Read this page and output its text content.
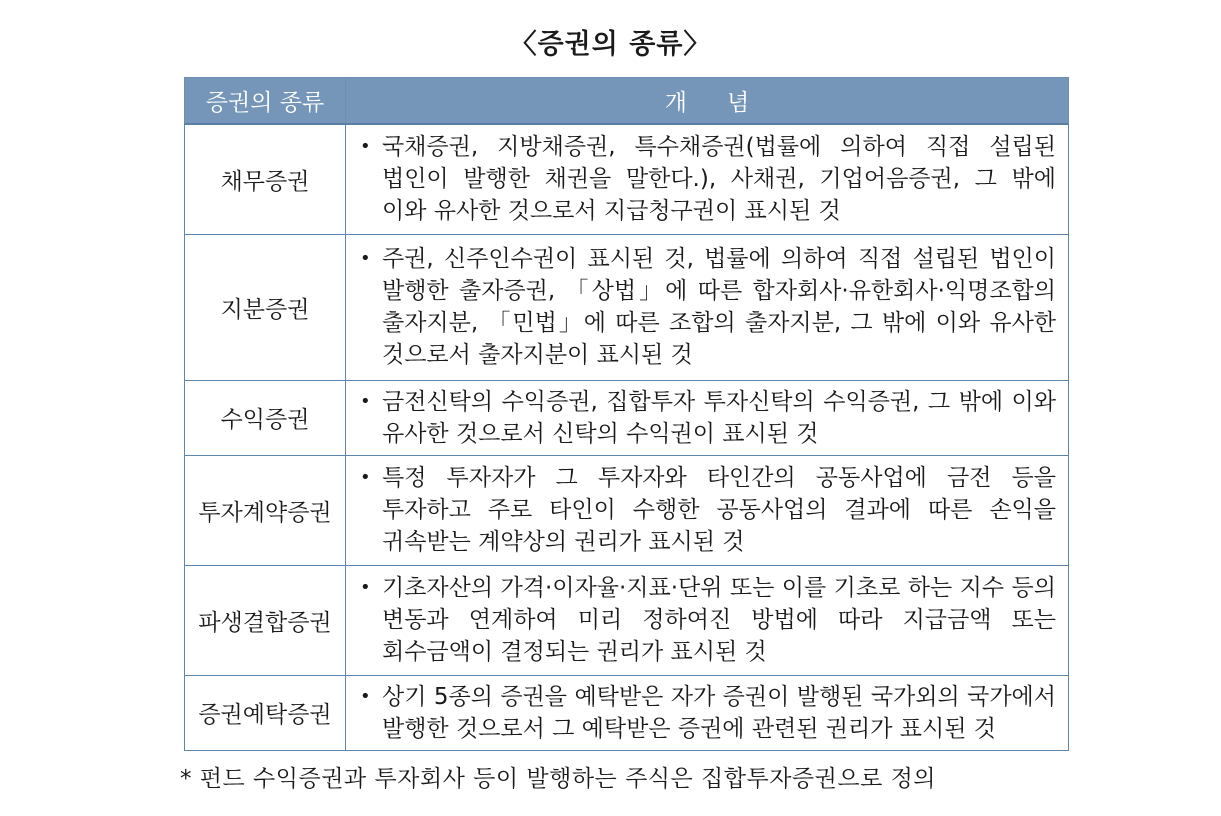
〈증권의 종류〉
증권의 종류	개념
채무증권	• 국채증권, 지방채증권, 특수채증권(법률에 의하여 직접 설립된 법인이 발행한 채권을 말한다.), 사채권, 기업어음증권, 그 밖에 이와 유사한 것으로서 지급청구권이 표시된 것

지분증권	• 주권, 신주인수권이 표시된 것, 법률에 의하여 직접 설립된 법인이 발행한 출자증권, 「상법」에 따른 합자회사·유한회사·익명조합의 출자지분, 「민법」에 따른 조합의 출자지분, 그 밖에 이와 유사한 것으로서 출자지분이 표시된 것

수익증권	• 금전신탁의 수익증권, 집합투자 투자신탁의 수익증권, 그 밖에 이와 유사한 것으로서 신탁의 수익권이 표시된 것

투자계약증권	• 특정 투자자가 그 투자자와 타인간의 공동사업에 금전 등을 투자하고 주로 타인이 수행한 공동사업의 결과에 따른 손익을 귀속받는 계약상의 권리가 표시된 것

파생결합증권	• 기초자산의 가격·이자율·지표·단위 또는 이를 기초로 하는 지수 등의 변동과 연계하여 미리 정하여진 방법에 따라 지급금액 또는 회수금액이 결정되는 권리가 표시된 것

증권예탁증권	• 상기 5종의 증권을 예탁받은 자가 증권이 발행된 국가외의 국가에서 발행한 것으로서 그 예탁받은 증권에 관련된 권리가 표시된 것
* 펀드 수익증권과 투자회사 등이 발행하는 주식은 집합투자증권으로 정의
